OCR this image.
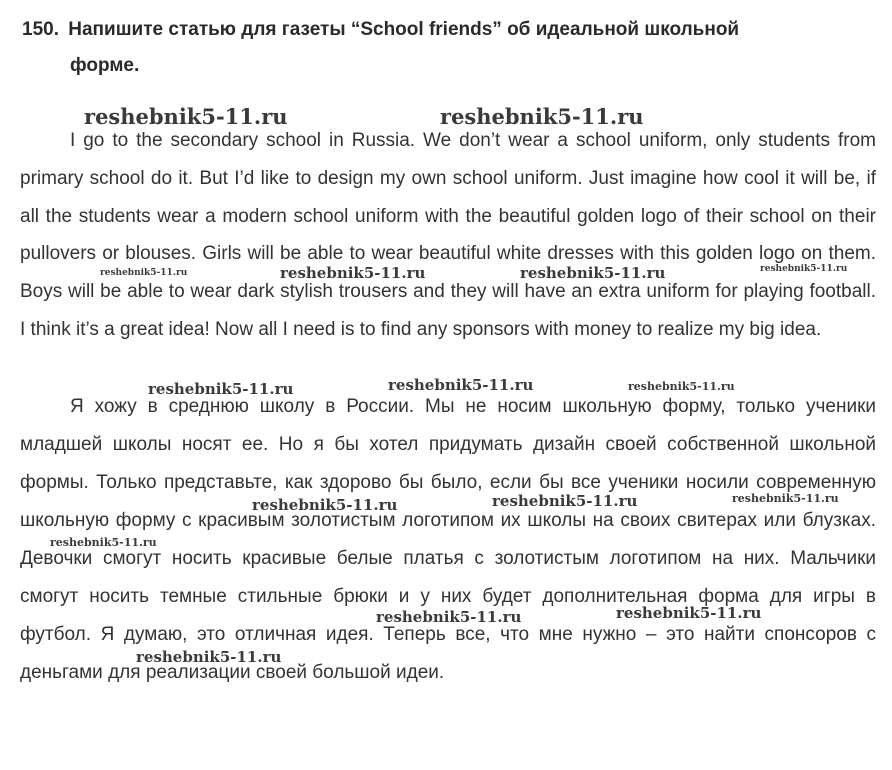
150. Напишите статью для газеты “School friends” об идеальной школьной
форме.

I go to the secondary school in Russia. We don’t wear a school uniform, only students from primary school do it. But I’d like to design my own school uniform. Just imagine how cool it will be, if all the students wear a modern school uniform with the beautiful golden logo of their school on their pullovers or blouses. Girls will be able to wear beautiful white dresses with this golden logo on them. Boys will be able to wear dark stylish trousers and they will have an extra uniform for playing football. I think it’s a great idea! Now all I need is to find any sponsors with money to realize my big idea.

Я хожу в среднюю школу в России. Мы не носим школьную форму, только ученики младшей школы носят ее. Но я бы хотел придумать дизайн своей собственной школьной формы. Только представьте, как здорово бы было, если бы все ученики носили современную школьную форму с красивым золотистым логотипом их школы на своих свитерах или блузках. Девочки смогут носить красивые белые платья с золотистым логотипом на них. Мальчики смогут носить темные стильные брюки и у них будет дополнительная форма для игры в футбол. Я думаю, это отличная идея. Теперь все, что мне нужно – это найти спонсоров с деньгами для реализации своей большой идеи.

reshebnik5-11.ru	reshebnik5-11.ru
reshebnik5-11.ru	reshebnik5-11.ru	reshebnik5-11.ru	reshebnik5-11.ru
reshebnik5-11.ru	reshebnik5-11.ru	reshebnik5-11.ru
reshebnik5-11.ru	reshebnik5-11.ru	reshebnik5-11.ru
reshebnik5-11.ru
reshebnik5-11.ru	reshebnik5-11.ru
reshebnik5-11.ru
